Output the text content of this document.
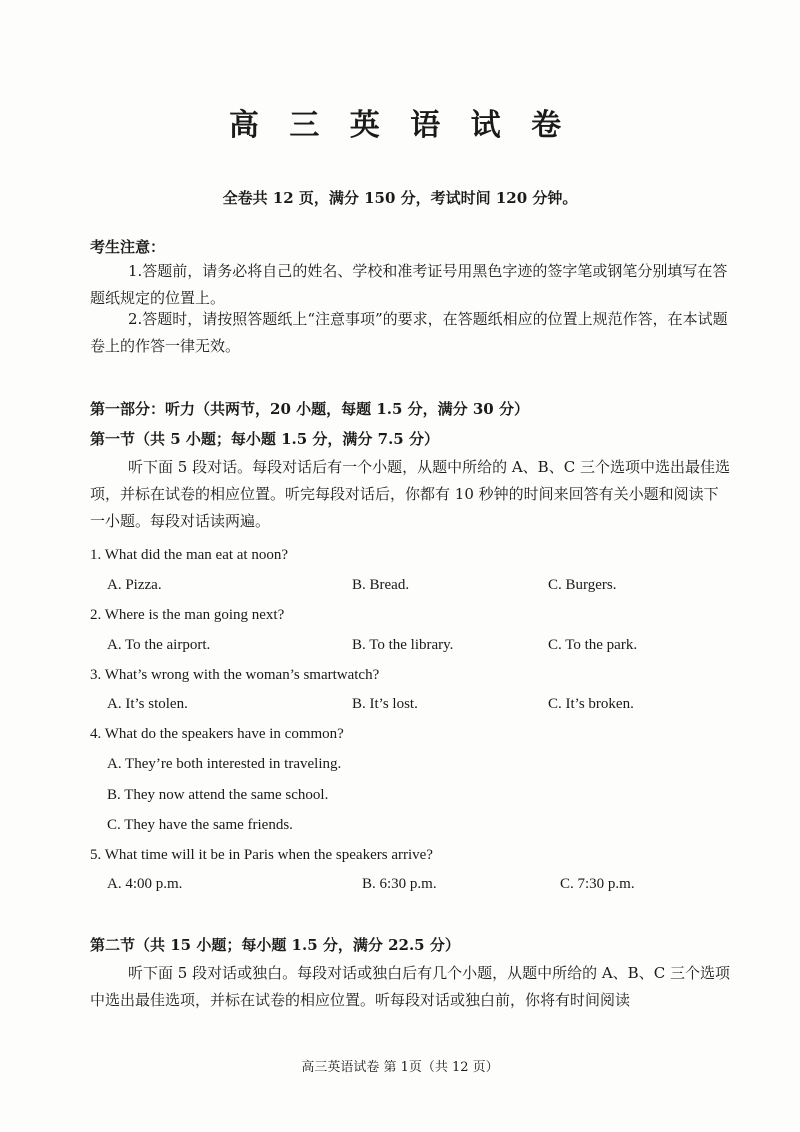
高 三 英 语 试 卷
全卷共 12 页，满分 150 分，考试时间 120 分钟。
考生注意：

1.答题前，请务必将自己的姓名、学校和准考证号用黑色字迹的签字笔或钢笔分别填写在答题纸规定的位置上。

2.答题时，请按照答题纸上“注意事项”的要求，在答题纸相应的位置上规范作答，在本试题卷上的作答一律无效。

第一部分：听力（共两节，20 小题，每题 1.5 分，满分 30 分）
第一节（共 5 小题；每小题 1.5 分，满分 7.5 分）

听下面 5 段对话。每段对话后有一个小题，从题中所给的 A、B、C 三个选项中选出最佳选项，并标在试卷的相应位置。听完每段对话后，你都有 10 秒钟的时间来回答有关小题和阅读下一小题。每段对话读两遍。

1. What did the man eat at noon?
A. Pizza.	B. Bread.	C. Burgers.
2. Where is the man going next?
A. To the airport.	B. To the library.	C. To the park.
3. What’s wrong with the woman’s smartwatch?
A. It’s stolen.	B. It’s lost.	C. It’s broken.
4. What do the speakers have in common?
A. They’re both interested in traveling.
B. They now attend the same school.
C. They have the same friends.
5. What time will it be in Paris when the speakers arrive?
A. 4:00 p.m.	B. 6:30 p.m.	C. 7:30 p.m.
第二节（共 15 小题；每小题 1.5 分，满分 22.5 分）

听下面 5 段对话或独白。每段对话或独白后有几个小题，从题中所给的 A、B、C 三个选项中选出最佳选项，并标在试卷的相应位置。听每段对话或独白前，你将有时间阅读

高三英语试卷 第 1页（共 12 页）
